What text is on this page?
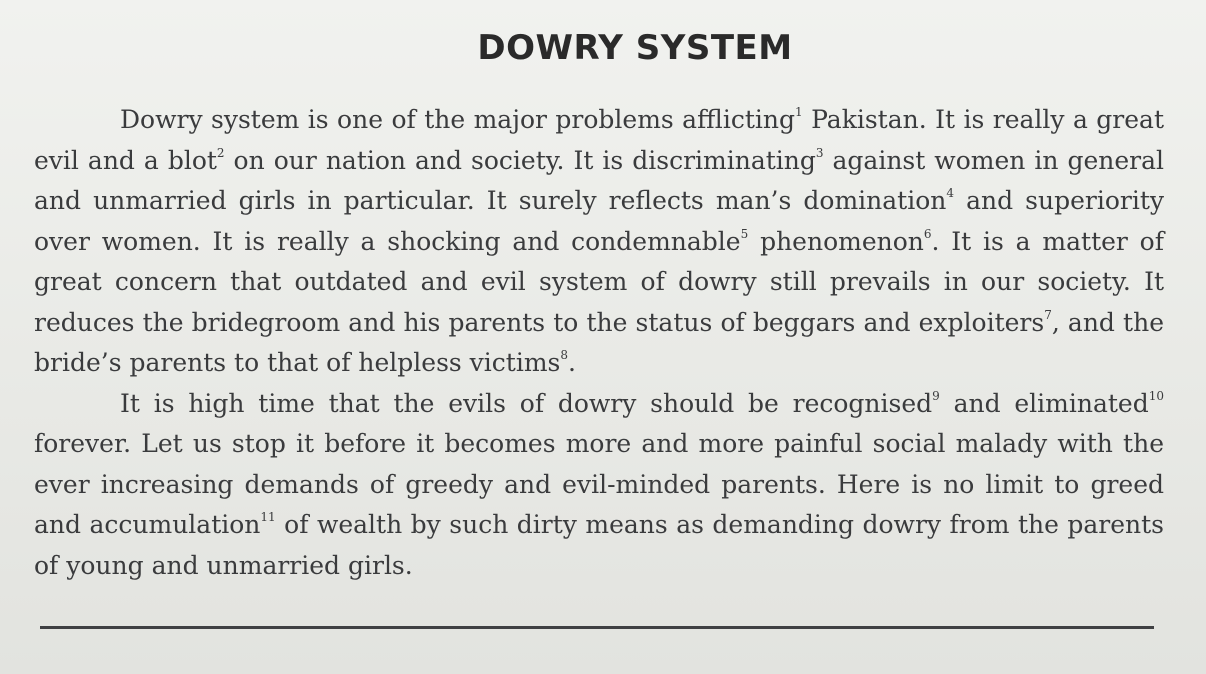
DOWRY SYSTEM

Dowry system is one of the major problems afflicting$^1$ Pakistan. It is really a great evil and a blot$^2$ on our nation and society. It is discriminating$^3$ against women in general and unmarried girls in particular. It surely reflects man’s domination$^4$ and superiority over women. It is really a shocking and condemnable$^5$ phenomenon$^6$. It is a matter of great concern that outdated and evil system of dowry still prevails in our society. It reduces the bridegroom and his parents to the status of beggars and exploiters$^7$, and the bride’s parents to that of helpless victims$^8$.

It is high time that the evils of dowry should be recognised$^9$ and eliminated$^{10}$ forever. Let us stop it before it becomes more and more painful social malady with the ever increasing demands of greedy and evil-minded parents. Here is no limit to greed and accumulation$^{11}$ of wealth by such dirty means as demanding dowry from the parents of young and unmarried girls.
